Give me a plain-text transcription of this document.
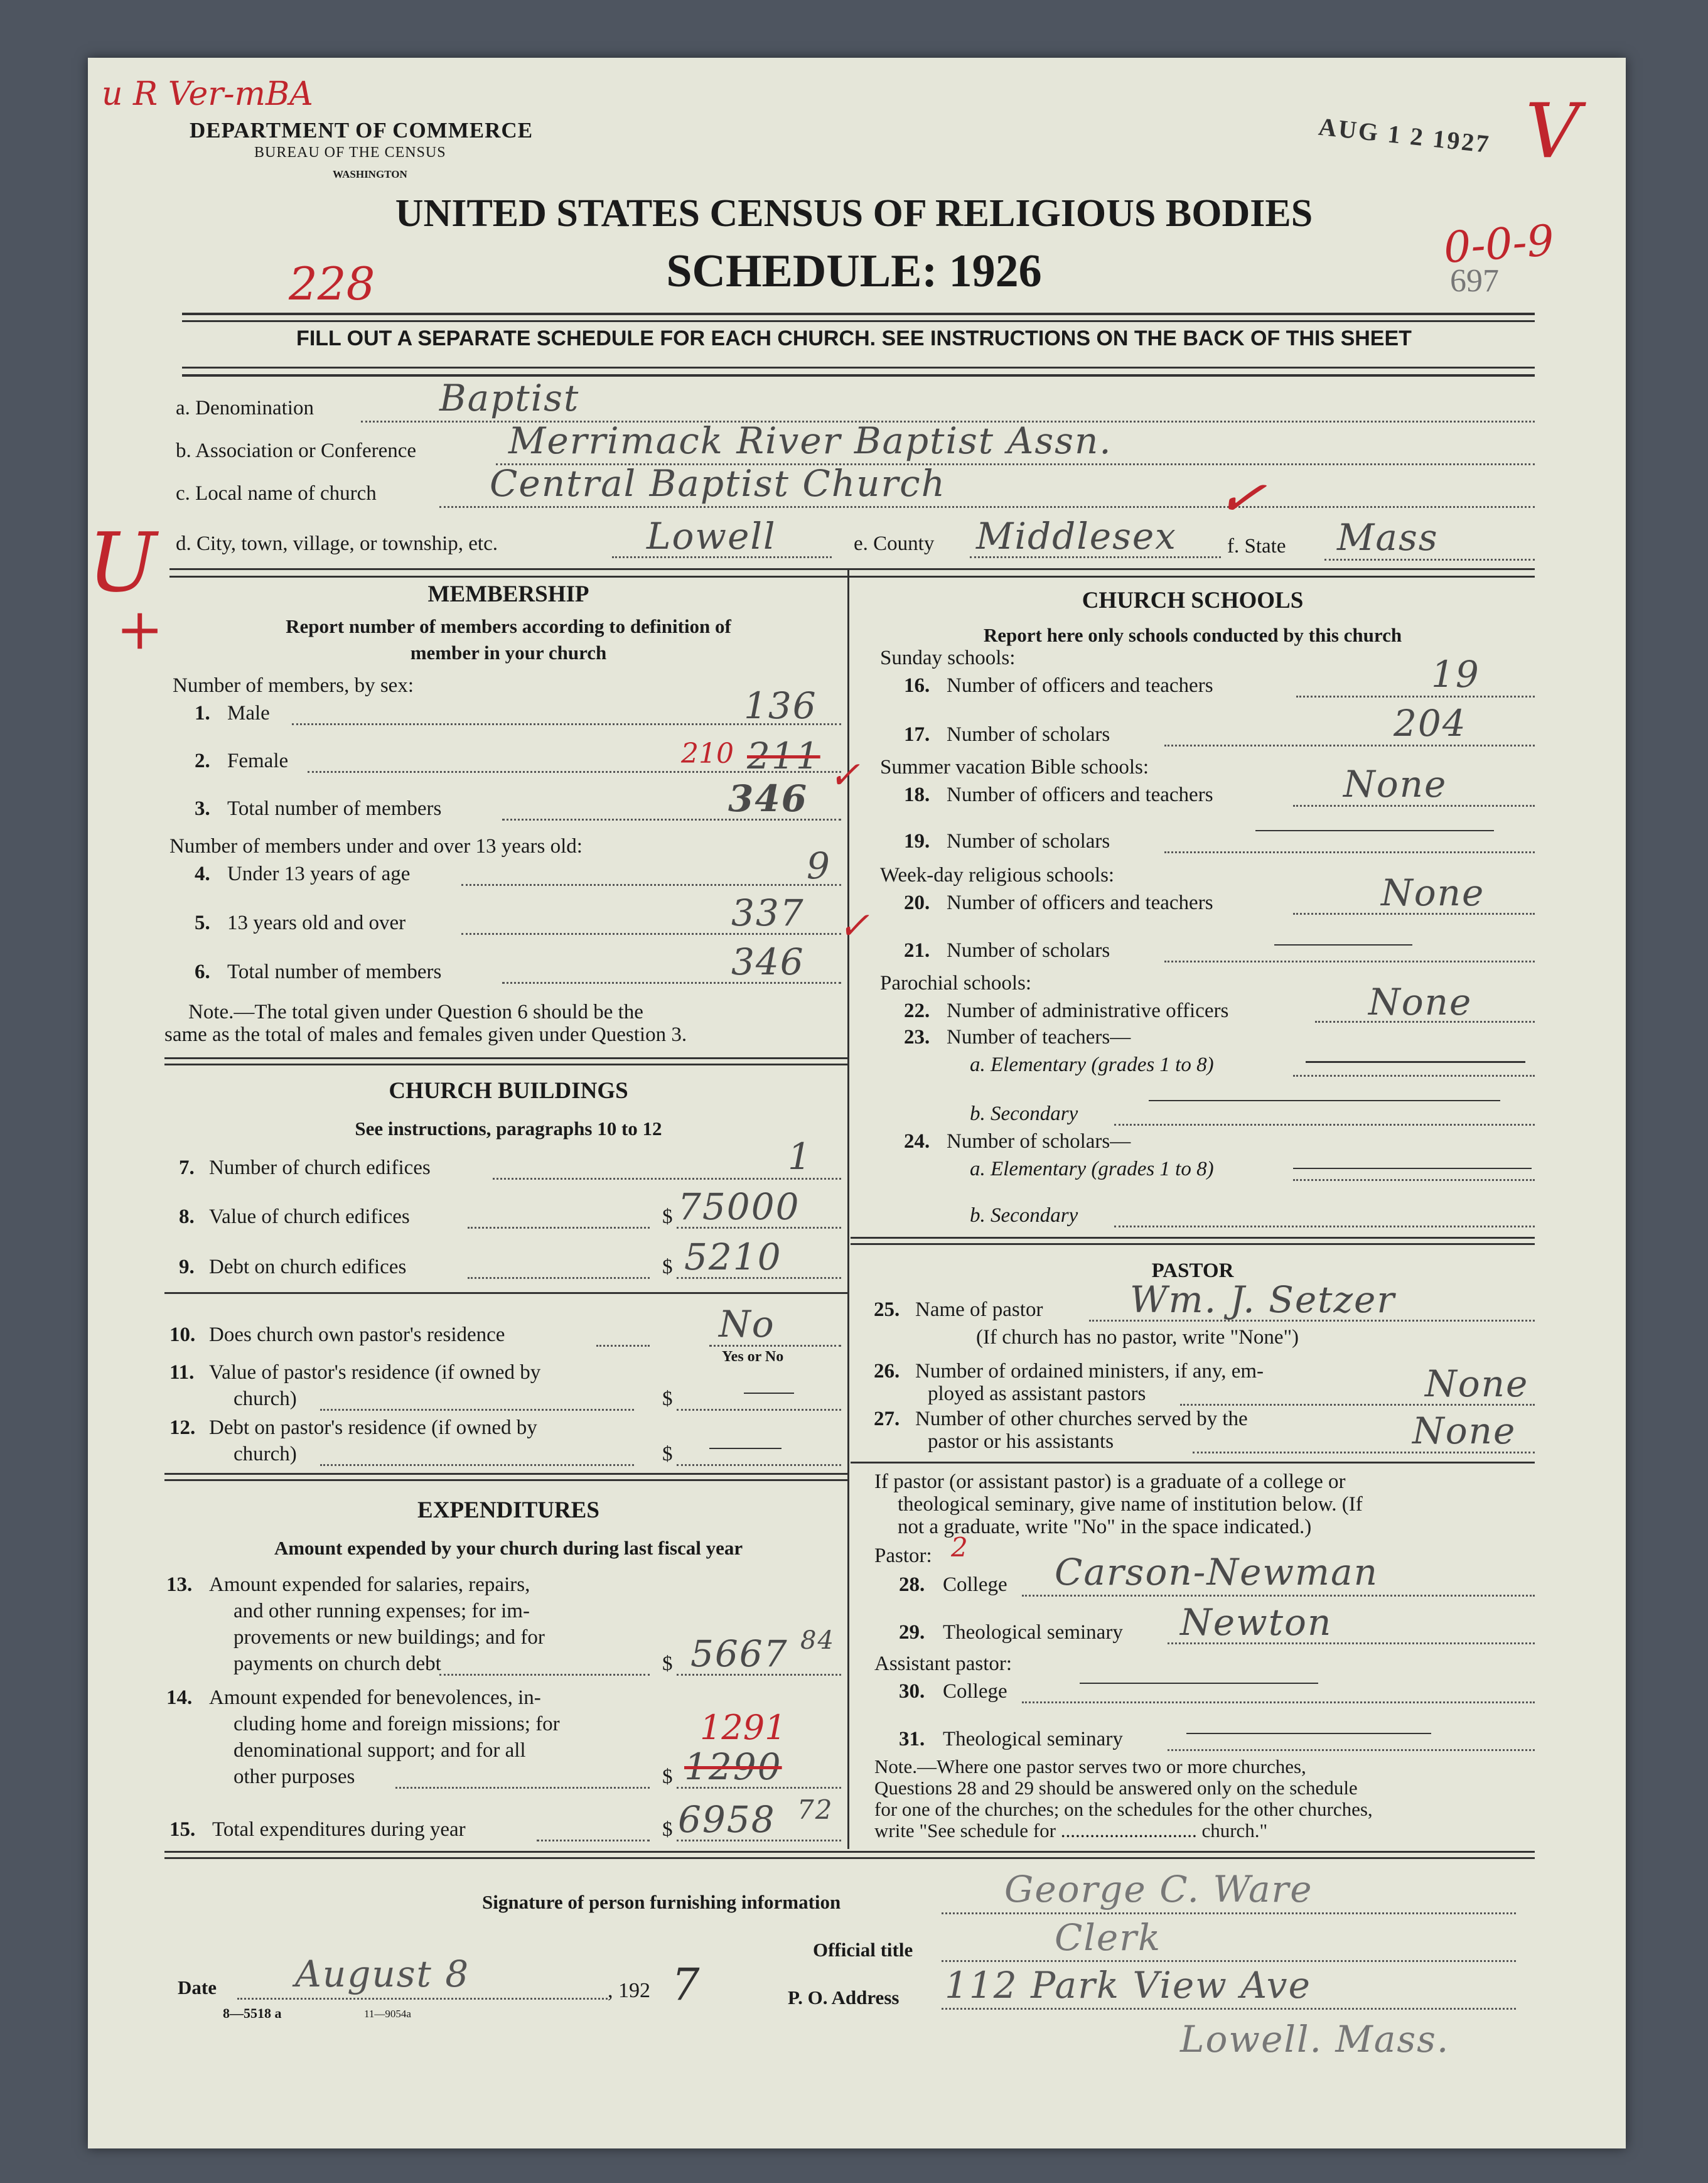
u R Ver-mBA
AUG 1 2 1927 V
0-0-9
228	697
U
+
DEPARTMENT OF COMMERCE
BUREAU OF THE CENSUS
WASHINGTON
UNITED STATES CENSUS OF RELIGIOUS BODIES
SCHEDULE: 1926
FILL OUT A SEPARATE SCHEDULE FOR EACH CHURCH. SEE INSTRUCTIONS ON THE BACK OF THIS SHEET
a. Denomination	Baptist
b. Association or Conference	Merrimack River Baptist Assn.
c. Local name of church	Central Baptist Church
d. City, town, village, or township, etc.	Lowell	e. County Middlesex f. State Mass
MEMBERSHIP
Report number of members according to definition of
member in your church
Number of members, by sex:
1. Male	136
2. Female	210 211
3. Total number of members	346
Number of members under and over 13 years old:
4. Under 13 years of age	9
5. 13 years old and over	337
6. Total number of members	346
Note.—The total given under Question 6 should be the
same as the total of males and females given under Question 3.
CHURCH BUILDINGS
See instructions, paragraphs 10 to 12
7. Number of church edifices	1
8. Value of church edifices	$ 75000
9. Debt on church edifices	$ 5210
10. Does church own pastor's residence	No
Yes or No
11. Value of pastor's residence (if owned by
church)	$
12. Debt on pastor's residence (if owned by
church)	$
EXPENDITURES
Amount expended by your church during last fiscal year
13. Amount expended for salaries, repairs,
and other running expenses; for im-
provements or new buildings; and for
payments on church debt	$ 5667 84
14. Amount expended for benevolences, in-
cluding home and foreign missions; for
denominational support; and for all
other purposes	$
1291
1290
15. Total expenditures during year	$ 6958 72
CHURCH SCHOOLS
Report here only schools conducted by this church
Sunday schools:
16. Number of officers and teachers	19
17. Number of scholars	204
Summer vacation Bible schools:
18. Number of officers and teachers	None
19. Number of scholars
Week-day religious schools:
20. Number of officers and teachers	None
21. Number of scholars
Parochial schools:
22. Number of administrative officers	None
23. Number of teachers—
a. Elementary (grades 1 to 8)
b. Secondary
24. Number of scholars—
a. Elementary (grades 1 to 8)
b. Secondary
PASTOR
25. Name of pastor Wm. J. Setzer
(If church has no pastor, write "None")
26. Number of ordained ministers, if any, em-
ployed as assistant pastors	None
27. Number of other churches served by the
pastor or his assistants	None
If pastor (or assistant pastor) is a graduate of a college or
theological seminary, give name of institution below. (If
not a graduate, write "No" in the space indicated.)
Pastor: 2
28. College Carson-Newman
29. Theological seminary Newton
Assistant pastor:
30. College
31. Theological seminary
Note.—Where one pastor serves two or more churches,
Questions 28 and 29 should be answered only on the schedule
for one of the churches; on the schedules for the other churches,
write "See schedule for ............................ church."
✓
✓
✓
Signature of person furnishing information	George C. Ware
Official title	Clerk
Date August 8	, 192 7	P. O. Address 112 Park View Ave
Lowell. Mass.
8—5518 a	11—9054a
